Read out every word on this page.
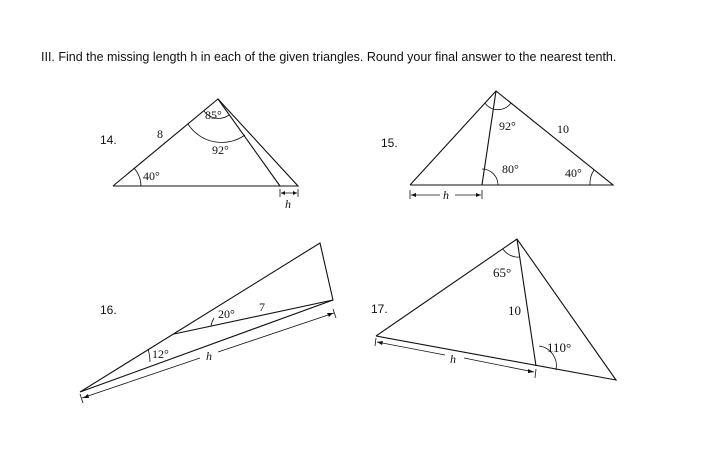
III. Find the missing length h in each of the given triangles. Round your final answer to the nearest tenth.
14.	15.
16.	17.
8
40°
85°
92°
h
h
92°	10
80°	40°
12°
20° 7
h
65°
10
110°
h
